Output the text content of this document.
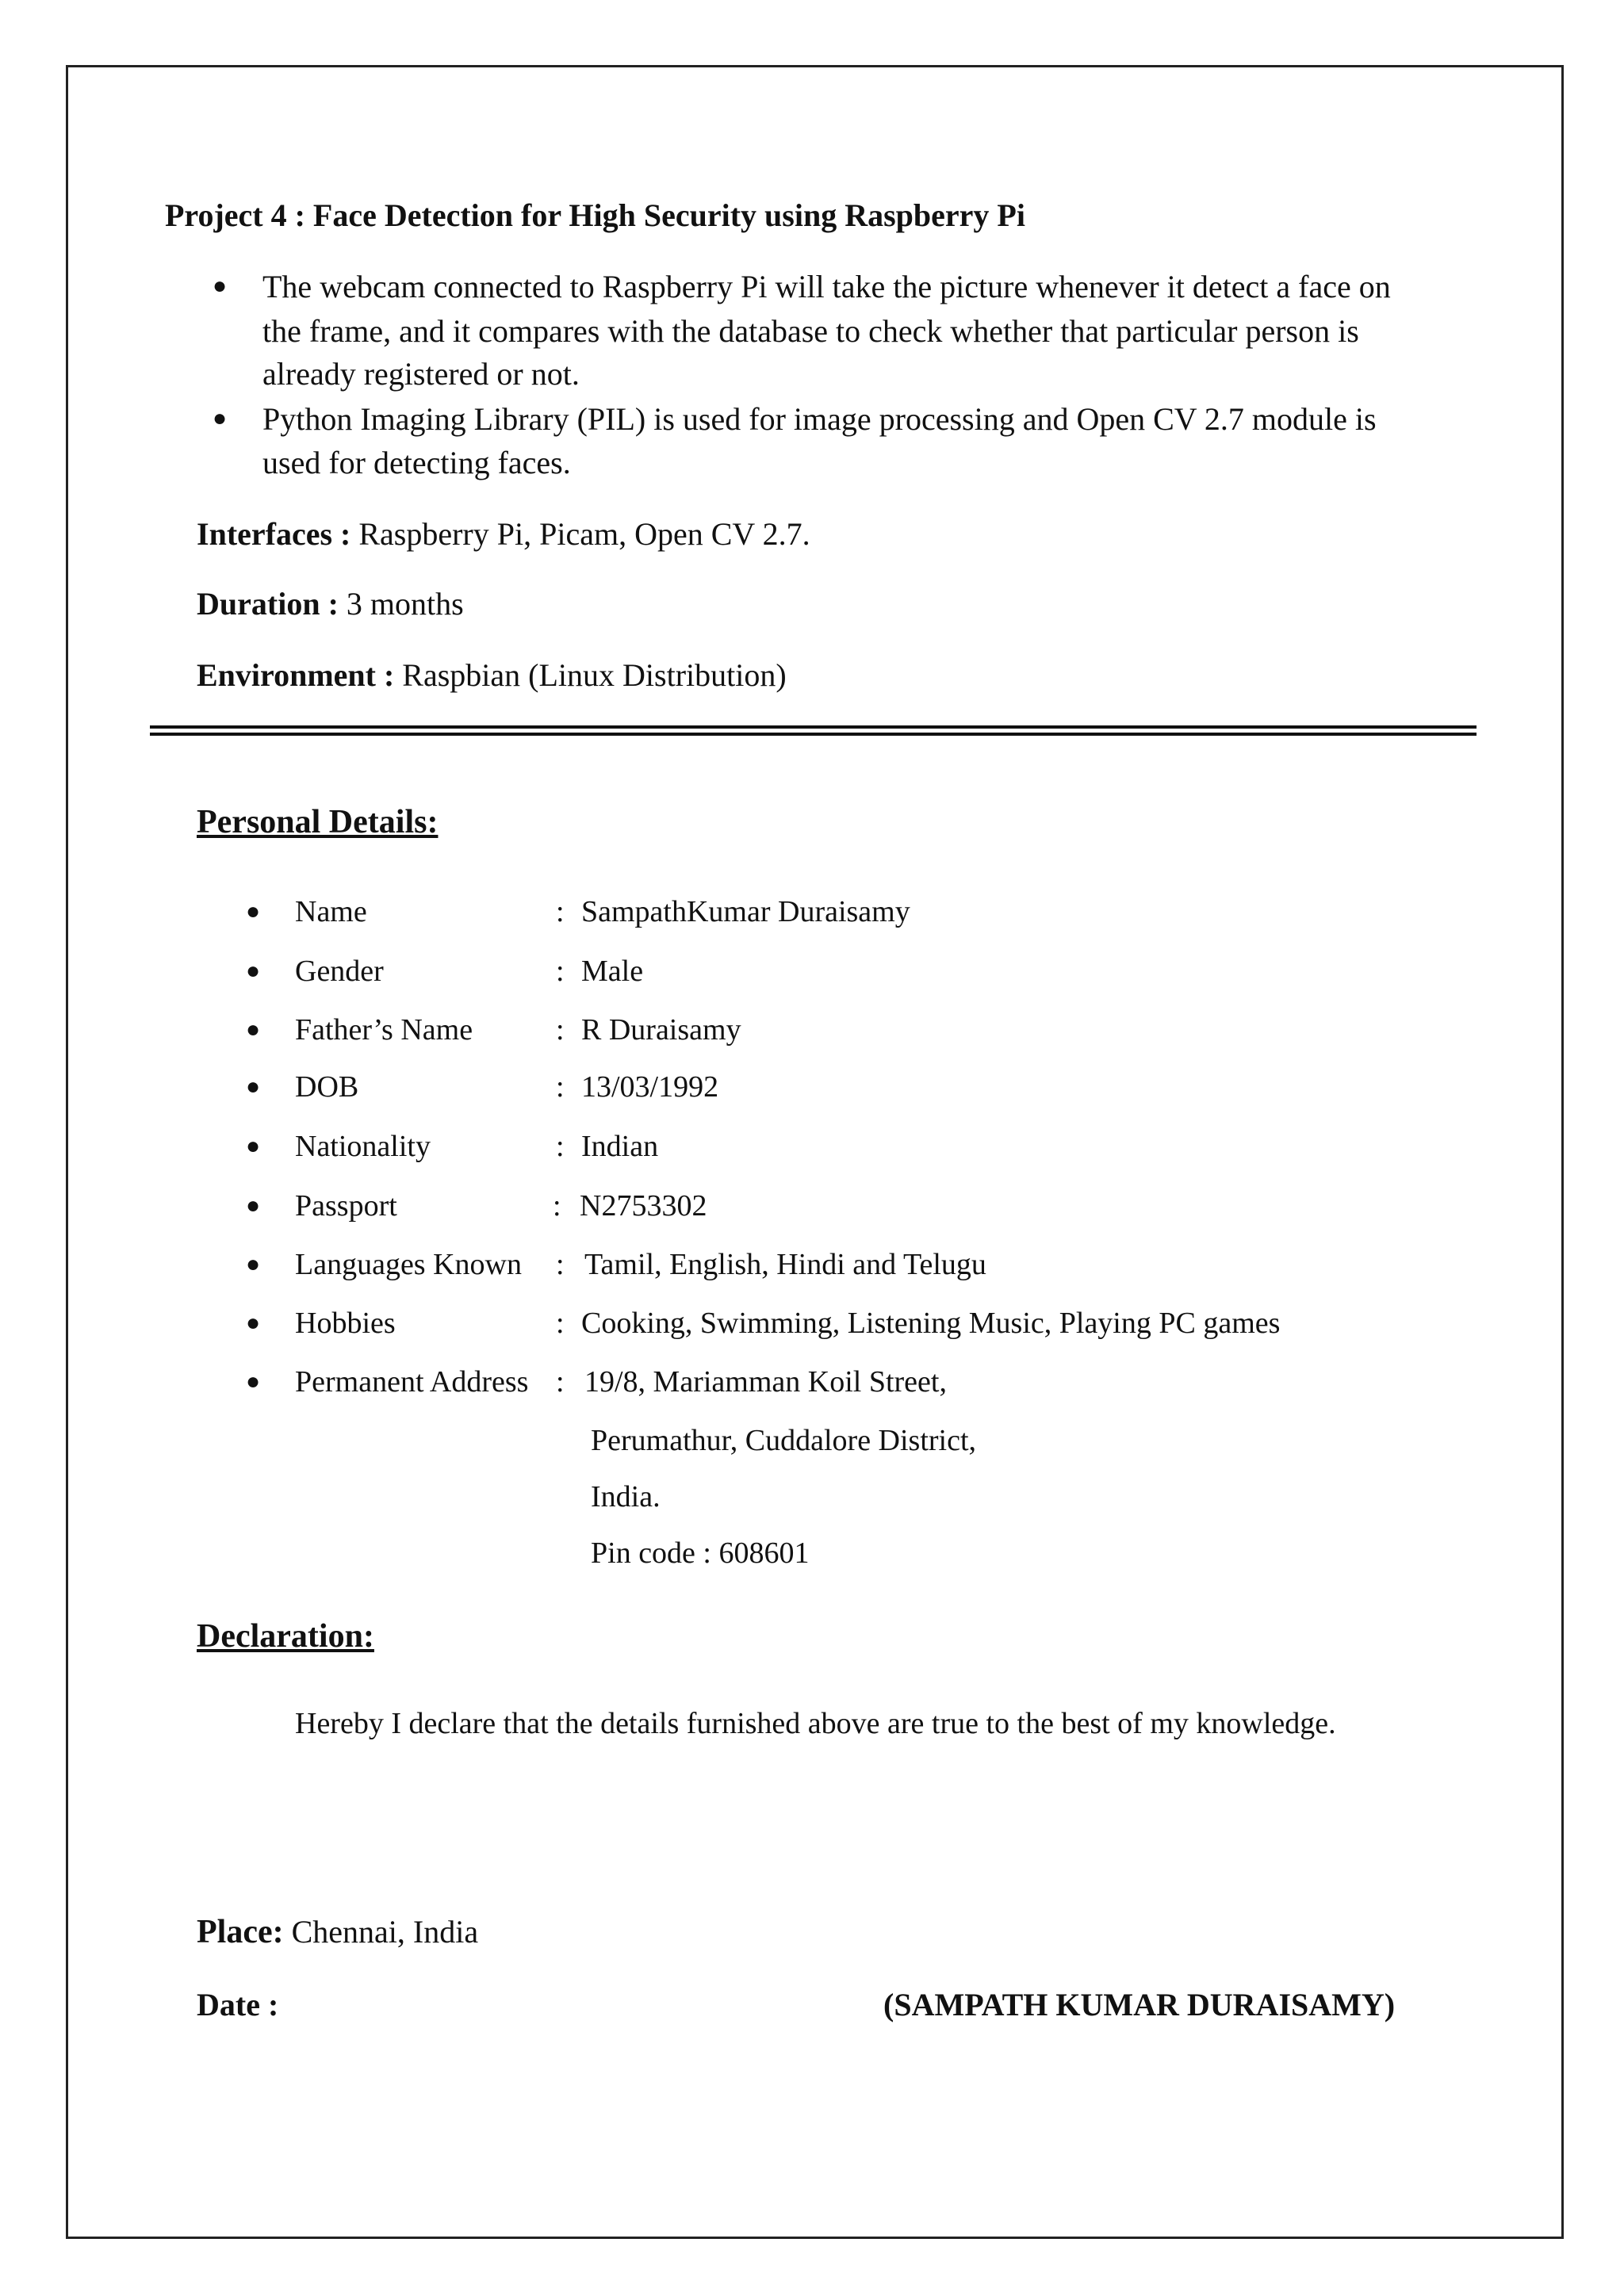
Project 4 : Face Detection for High Security using Raspberry Pi
● The webcam connected to Raspberry Pi will take the picture whenever it detect a face on
the frame, and it compares with the database to check whether that particular person is
already registered or not.
● Python Imaging Library (PIL) is used for image processing and Open CV 2.7 module is
used for detecting faces.
Interfaces : Raspberry Pi, Picam, Open CV 2.7.
Duration : 3 months
Environment : Raspbian (Linux Distribution)
Personal Details:
● Name	: SampathKumar Duraisamy
● Gender	: Male
● Father’s Name	: R Duraisamy
● DOB	: 13/03/1992
● Nationality	: Indian
● Passport	: N2753302
● Languages Known : Tamil, English, Hindi and Telugu
● Hobbies	: Cooking, Swimming, Listening Music, Playing PC games
● Permanent Address : 19/8, Mariamman Koil Street,
Perumathur, Cuddalore District,
India.
Pin code : 608601
Declaration:
Hereby I declare that the details furnished above are true to the best of my knowledge.
Place: Chennai, India
Date :	(SAMPATH KUMAR DURAISAMY)
